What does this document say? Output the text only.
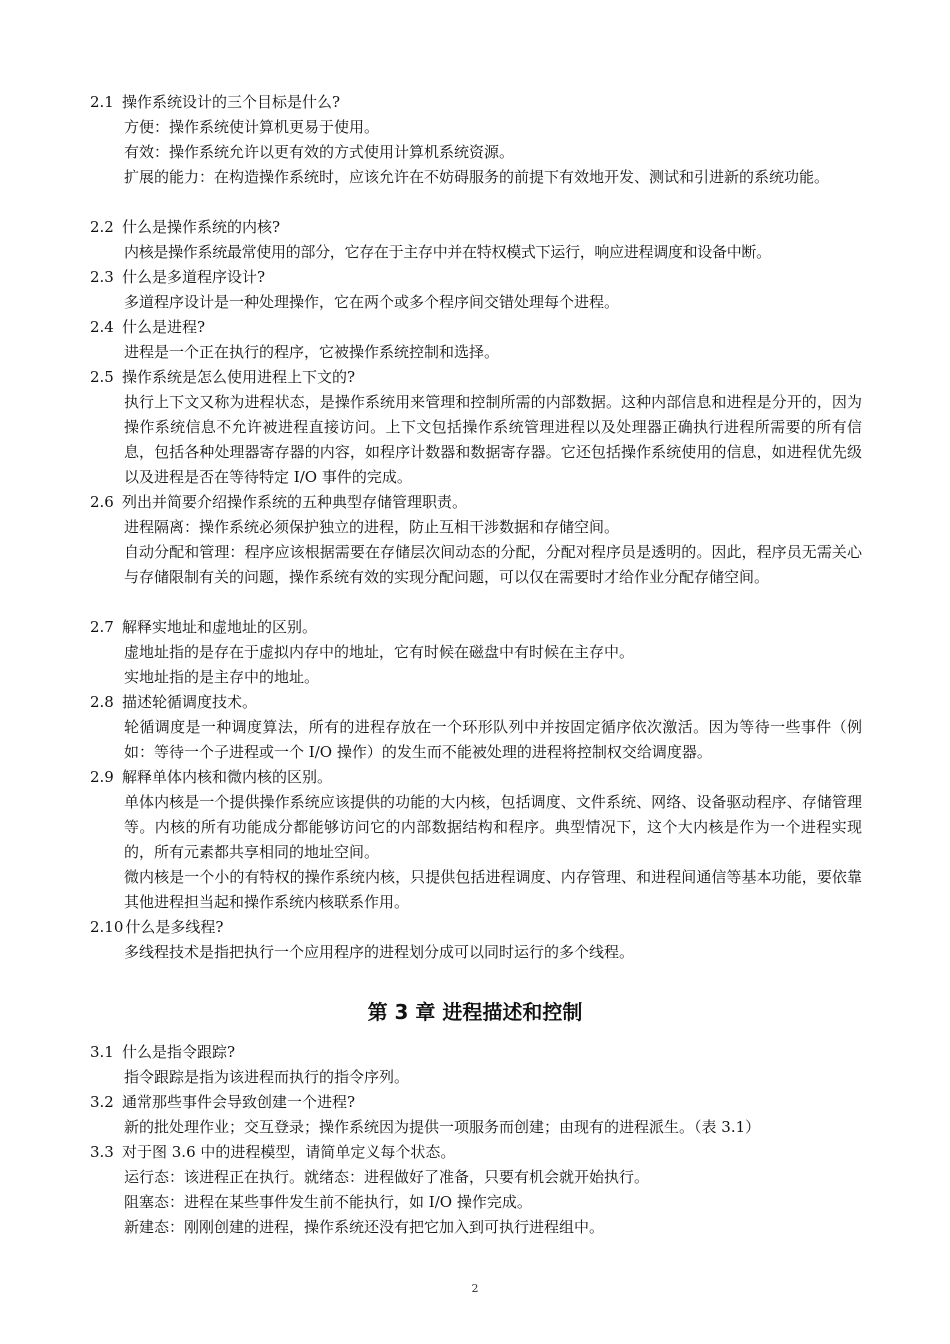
2.1 操作系统设计的三个目标是什么?
方便：操作系统使计算机更易于使用。
有效：操作系统允许以更有效的方式使用计算机系统资源。
扩展的能力：在构造操作系统时，应该允许在不妨碍服务的前提下有效地开发、测试和引进新的系统功能。
2.2 什么是操作系统的内核?
内核是操作系统最常使用的部分，它存在于主存中并在特权模式下运行，响应进程调度和设备中断。
2.3 什么是多道程序设计?
多道程序设计是一种处理操作，它在两个或多个程序间交错处理每个进程。
2.4 什么是进程?
进程是一个正在执行的程序，它被操作系统控制和选择。
2.5 操作系统是怎么使用进程上下文的?
执行上下文又称为进程状态，是操作系统用来管理和控制所需的内部数据。这种内部信息和进程是分开的，因为操作系统信息不允许被进程直接访问。上下文包括操作系统管理进程以及处理器正确执行进程所需要的所有信息，包括各种处理器寄存器的内容，如程序计数器和数据寄存器。它还包括操作系统使用的信息，如进程优先级以及进程是否在等待特定 I/O 事件的完成。
2.6 列出并简要介绍操作系统的五种典型存储管理职责。
进程隔离：操作系统必须保护独立的进程，防止互相干涉数据和存储空间。
自动分配和管理：程序应该根据需要在存储层次间动态的分配，分配对程序员是透明的。因此，程序员无需关心与存储限制有关的问题，操作系统有效的实现分配问题，可以仅在需要时才给作业分配存储空间。
2.7 解释实地址和虚地址的区别。
虚地址指的是存在于虚拟内存中的地址，它有时候在磁盘中有时候在主存中。
实地址指的是主存中的地址。
2.8 描述轮循调度技术。
轮循调度是一种调度算法，所有的进程存放在一个环形队列中并按固定循序依次激活。因为等待一些事件（例如：等待一个子进程或一个 I/O 操作）的发生而不能被处理的进程将控制权交给调度器。
2.9 解释单体内核和微内核的区别。
单体内核是一个提供操作系统应该提供的功能的大内核，包括调度、文件系统、网络、设备驱动程序、存储管理等。内核的所有功能成分都能够访问它的内部数据结构和程序。典型情况下，这个大内核是作为一个进程实现的，所有元素都共享相同的地址空间。
微内核是一个小的有特权的操作系统内核，只提供包括进程调度、内存管理、和进程间通信等基本功能，要依靠其他进程担当起和操作系统内核联系作用。
2.10 什么是多线程?
多线程技术是指把执行一个应用程序的进程划分成可以同时运行的多个线程。
第 3 章 进程描述和控制
3.1 什么是指令跟踪?
指令跟踪是指为该进程而执行的指令序列。
3.2 通常那些事件会导致创建一个进程?
新的批处理作业；交互登录；操作系统因为提供一项服务而创建；由现有的进程派生。（表 3.1）
3.3 对于图 3.6 中的进程模型，请简单定义每个状态。
运行态：该进程正在执行。就绪态：进程做好了准备，只要有机会就开始执行。
阻塞态：进程在某些事件发生前不能执行，如 I/O 操作完成。
新建态：刚刚创建的进程，操作系统还没有把它加入到可执行进程组中。
2
